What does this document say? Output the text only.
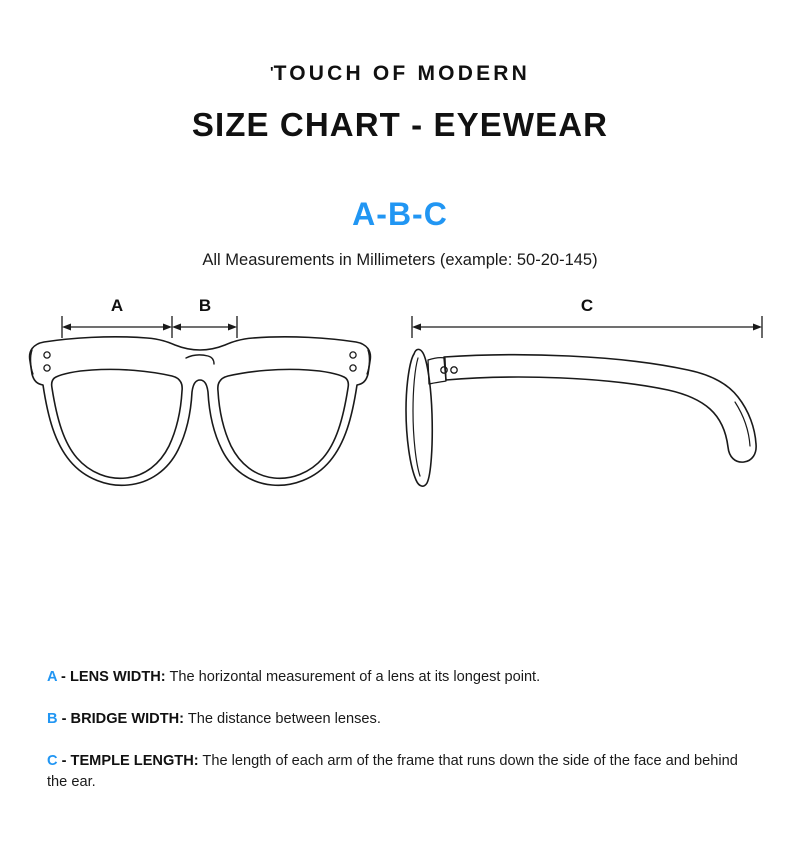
'TOUCH OF MODERN
SIZE CHART - EYEWEAR
A-B-C
All Measurements in Millimeters (example: 50-20-145)
A	B	C
A - LENS WIDTH: The horizontal measurement of a lens at its longest point.
B - BRIDGE WIDTH: The distance between lenses.
C - TEMPLE LENGTH: The length of each arm of the frame that runs down the side of the face and behind the ear.
